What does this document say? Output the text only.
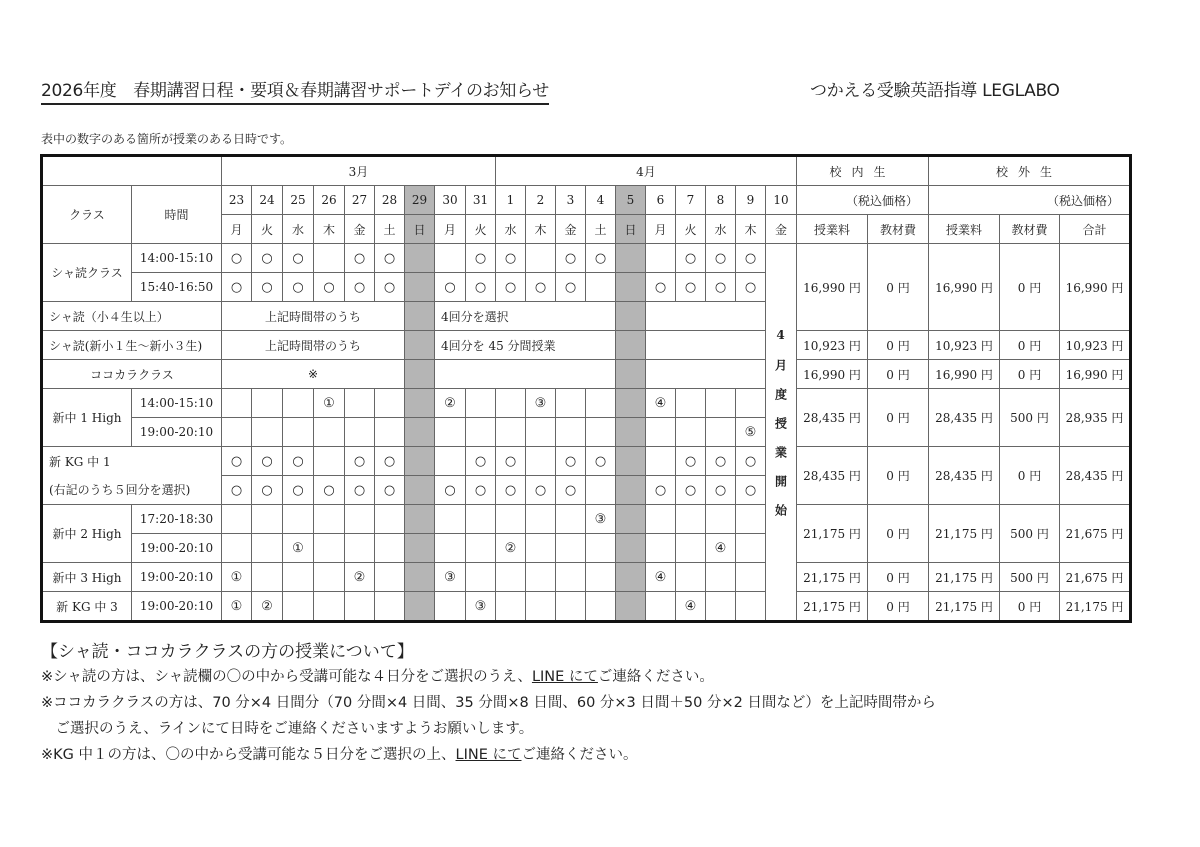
2026年度　春期講習日程・要項＆春期講習サポートデイのお知らせ	つかえる受験英語指導 LEGLABO
表中の数字のある箇所が授業のある日時です。
		3月									4月										校内生		校外生		
クラス	時間	23	24	25	26	27	28	29	30	31	1	2	3	4	5	6	7	8	9	10	（税込価格）		（税込価格）		
		月	火	水	木	金	土	日	月	火	水	木	金	土	日	月	火	水	木	金	授業料	教材費	授業料	教材費	合計
シャ読クラス	14:00-15:10	○	○	○		○	○			○	○		○	○			○	○	○	4月度授業開始	16,990 円	0 円	16,990 円	0 円	16,990 円
	15:40-16:50	○	○	○	○	○	○		○	○	○	○	○			○	○	○	○						
シャ読（小４生以上）		上記時間帯のうち							4回分を選択																
シャ読(新小１生～新小３生)		上記時間帯のうち							4回分を 45 分間授業												10,923 円	0 円	10,923 円	0 円	10,923 円
ココカラクラス		※																			16,990 円	0 円	16,990 円	0 円	16,990 円
新中 1 High	14:00-15:10				①				②			③				④					28,435 円	0 円	28,435 円	500 円	28,935 円
	19:00-20:10																		⑤						
新 KG 中 1		○	○	○		○	○			○	○		○	○			○	○	○		28,435 円	0 円	28,435 円	0 円	28,435 円
(右記のうち５回分を選択)		○	○	○	○	○	○		○	○	○	○	○			○	○	○	○						
新中 2 High	17:20-18:30													③							21,175 円	0 円	21,175 円	500 円	21,675 円
	19:00-20:10			①							②							④							
新中 3 High	19:00-20:10	①				②			③							④					21,175 円	0 円	21,175 円	500 円	21,675 円
新 KG 中 3	19:00-20:10	①	②							③							④				21,175 円	0 円	21,175 円	0 円	21,175 円
【シャ読・ココカラクラスの方の授業について】
※シャ読の方は、シャ読欄の〇の中から受講可能な４日分をご選択のうえ、LINE にてご連絡ください。
※ココカラクラスの方は、70 分×4 日間分（70 分間×4 日間、35 分間×8 日間、60 分×3 日間＋50 分×2 日間など）を上記時間帯から
　ご選択のうえ、ラインにて日時をご連絡くださいますようお願いします。
※KG 中１の方は、〇の中から受講可能な５日分をご選択の上、LINE にてご連絡ください。
